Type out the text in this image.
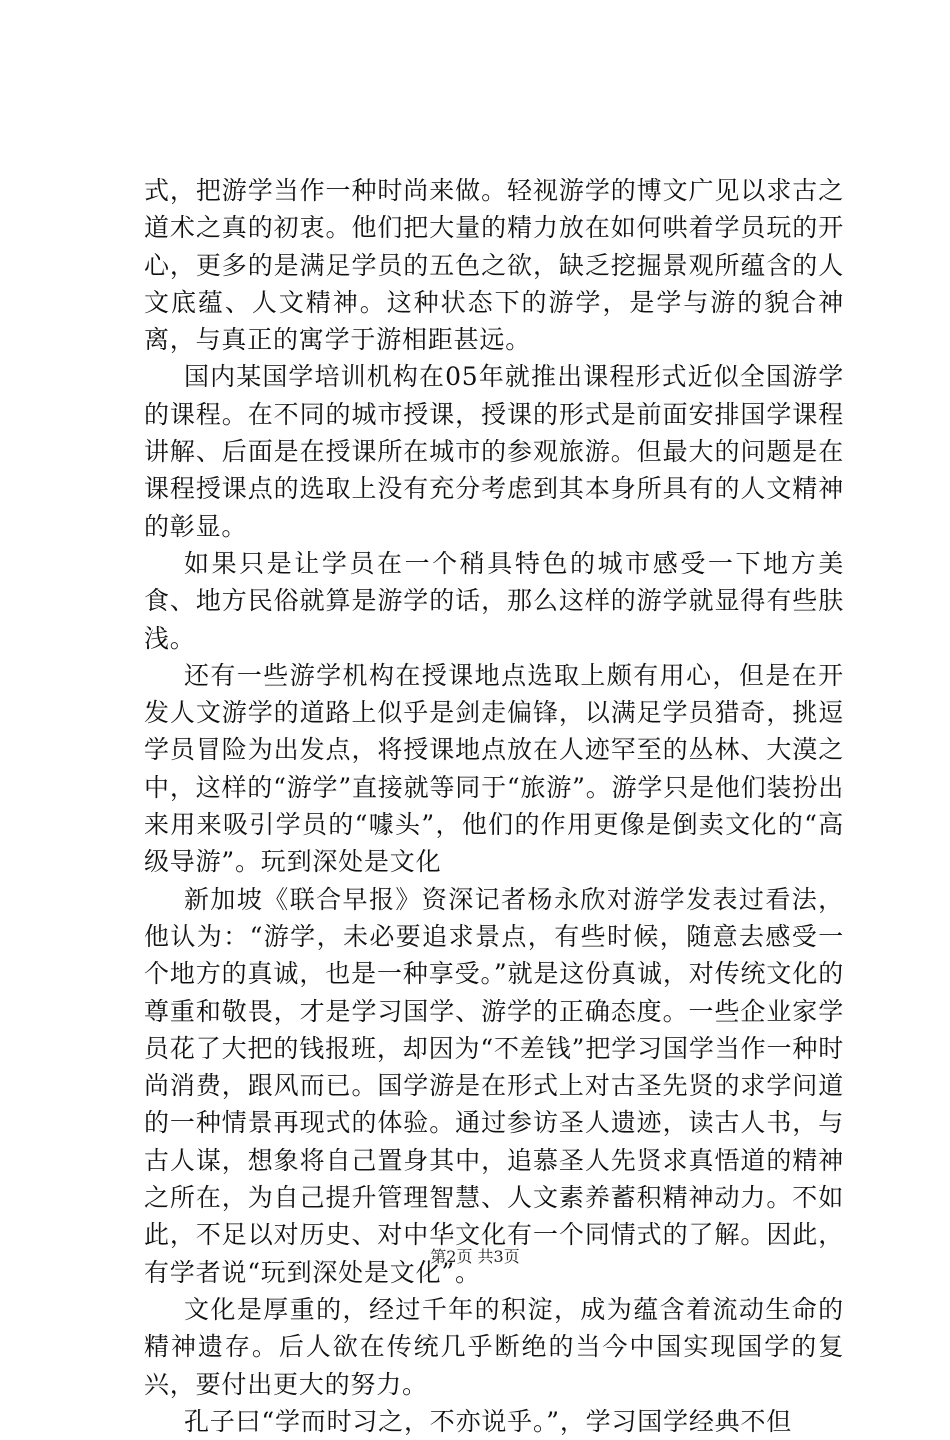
式，把游学当作一种时尚来做。轻视游学的博文广见以求古之道术之真的初衷。他们把大量的精力放在如何哄着学员玩的开心，更多的是满足学员的五色之欲，缺乏挖掘景观所蕴含的人文底蕴、人文精神。这种状态下的游学，是学与游的貌合神离，与真正的寓学于游相距甚远。

国内某国学培训机构在05年就推出课程形式近似全国游学的课程。在不同的城市授课，授课的形式是前面安排国学课程讲解、后面是在授课所在城市的参观旅游。但最大的问题是在课程授课点的选取上没有充分考虑到其本身所具有的人文精神的彰显。

如果只是让学员在一个稍具特色的城市感受一下地方美食、地方民俗就算是游学的话，那么这样的游学就显得有些肤浅。

还有一些游学机构在授课地点选取上颇有用心，但是在开发人文游学的道路上似乎是剑走偏锋，以满足学员猎奇，挑逗学员冒险为出发点，将授课地点放在人迹罕至的丛林、大漠之中，这样的“游学”直接就等同于“旅游”。游学只是他们装扮出来用来吸引学员的“噱头”，他们的作用更像是倒卖文化的“高级导游”。玩到深处是文化

新加坡《联合早报》资深记者杨永欣对游学发表过看法，他认为：“游学，未必要追求景点，有些时候，随意去感受一个地方的真诚，也是一种享受。”就是这份真诚，对传统文化的尊重和敬畏，才是学习国学、游学的正确态度。一些企业家学员花了大把的钱报班，却因为“不差钱”把学习国学当作一种时尚消费，跟风而已。国学游是在形式上对古圣先贤的求学问道的一种情景再现式的体验。通过参访圣人遗迹，读古人书，与古人谋，想象将自己置身其中，追慕圣人先贤求真悟道的精神之所在，为自己提升管理智慧、人文素养蓄积精神动力。不如此，不足以对历史、对中华文化有一个同情式的了解。因此，有学者说“玩到深处是文化”。

文化是厚重的，经过千年的积淀，成为蕴含着流动生命的精神遗存。后人欲在传统几乎断绝的当今中国实现国学的复兴，要付出更大的努力。

孔子曰“学而时习之，不亦说乎。”，学习国学经典不但

第2页 共3页
